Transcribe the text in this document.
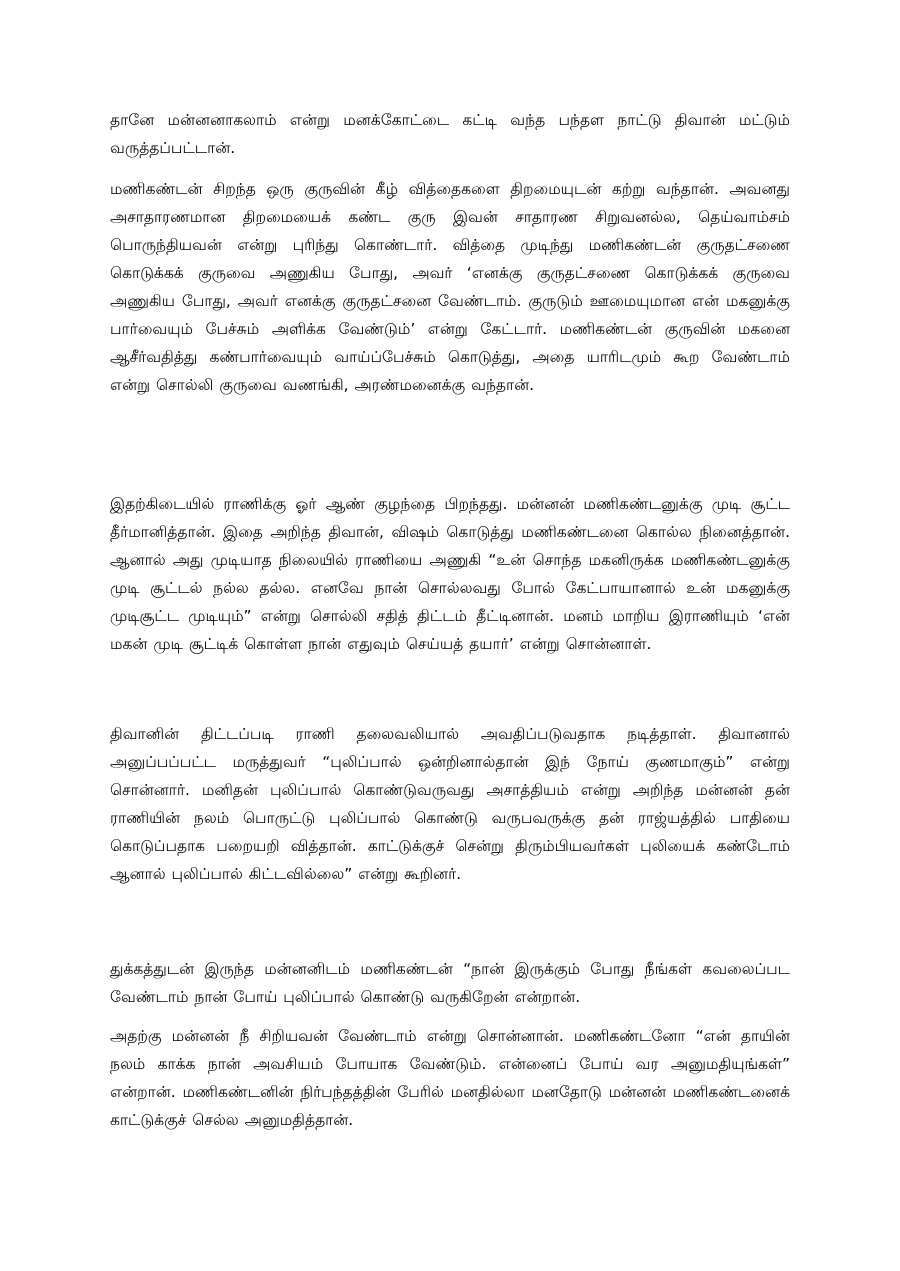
தானே மன்னனாகலாம் என்று மனக்கோட்டை கட்டி வந்த பந்தள நாட்டு திவான் மட்டும் வருத்தப்பட்டான்.

மணிகண்டன் சிறந்த ஒரு குருவின் கீழ் வித்தைகளை திறமையுடன் கற்று வந்தான். அவனது அசாதாரணமான திறமையைக் கண்ட குரு இவன் சாதாரண சிறுவனல்ல, தெய்வாம்சம் பொருந்தியவன் என்று புரிந்து கொண்டார். வித்தை முடிந்து மணிகண்டன் குருதட்சணை கொடுக்கக் குருவை அணுகிய போது, அவர் ‘எனக்கு குருதட்சணை கொடுக்கக் குருவை அணுகிய போது, அவர் எனக்கு குருதட்சனை வேண்டாம். குருடும் ஊமையுமான என் மகனுக்கு பார்வையும் பேச்சும் அளிக்க வேண்டும்’ என்று கேட்டார். மணிகண்டன் குருவின் மகனை ஆசீர்வதித்து கண்பார்வையும் வாய்ப்பேச்சும் கொடுத்து, அதை யாரிடமும் கூற வேண்டாம் என்று சொல்லி குருவை வணங்கி, அரண்மனைக்கு வந்தான்.

இதற்கிடையில் ராணிக்கு ஓர் ஆண் குழந்தை பிறந்தது. மன்னன் மணிகண்டனுக்கு முடி சூட்ட தீர்மானித்தான். இதை அறிந்த திவான், விஷம் கொடுத்து மணிகண்டனை கொல்ல நினைத்தான். ஆனால் அது முடியாத நிலையில் ராணியை அணுகி “உன் சொந்த மகனிருக்க மணிகண்டனுக்கு முடி சூட்டல் நல்ல தல்ல. எனவே நான் சொல்லவது போல் கேட்பாயானால் உன் மகனுக்கு முடிசூட்ட முடியும்” என்று சொல்லி சதித் திட்டம் தீட்டினான். மனம் மாறிய இராணியும் ‘என் மகன் முடி சூட்டிக் கொள்ள நான் எதுவும் செய்யத் தயார்’ என்று சொன்னாள்.

திவானின் திட்டப்படி ராணி தலைவலியால் அவதிப்படுவதாக நடித்தாள். திவானால் அனுப்பப்பட்ட மருத்துவர் “புலிப்பால் ஒன்றினால்தான் இந் நோய் குணமாகும்” என்று சொன்னார். மனிதன் புலிப்பால் கொண்டுவருவது அசாத்தியம் என்று அறிந்த மன்னன் தன் ராணியின் நலம் பொருட்டு புலிப்பால் கொண்டு வருபவருக்கு தன் ராஜ்யத்தில் பாதியை கொடுப்பதாக பறையறி வித்தான். காட்டுக்குச் சென்று திரும்பியவர்கள் புலியைக் கண்டோம் ஆனால் புலிப்பால் கிட்டவில்லை” என்று கூறினர்.

துக்கத்துடன் இருந்த மன்னனிடம் மணிகண்டன் “நான் இருக்கும் போது நீங்கள் கவலைப்பட வேண்டாம் நான் போய் புலிப்பால் கொண்டு வருகிறேன் என்றான்.

அதற்கு மன்னன் நீ சிறியவன் வேண்டாம் என்று சொன்னான். மணிகண்டனோ “என் தாயின் நலம் காக்க நான் அவசியம் போயாக வேண்டும். என்னைப் போய் வர அனுமதியுங்கள்” என்றான். மணிகண்டனின் நிர்பந்தத்தின் பேரில் மனதில்லா மனதோடு மன்னன் மணிகண்டனைக் காட்டுக்குச் செல்ல அனுமதித்தான்.
